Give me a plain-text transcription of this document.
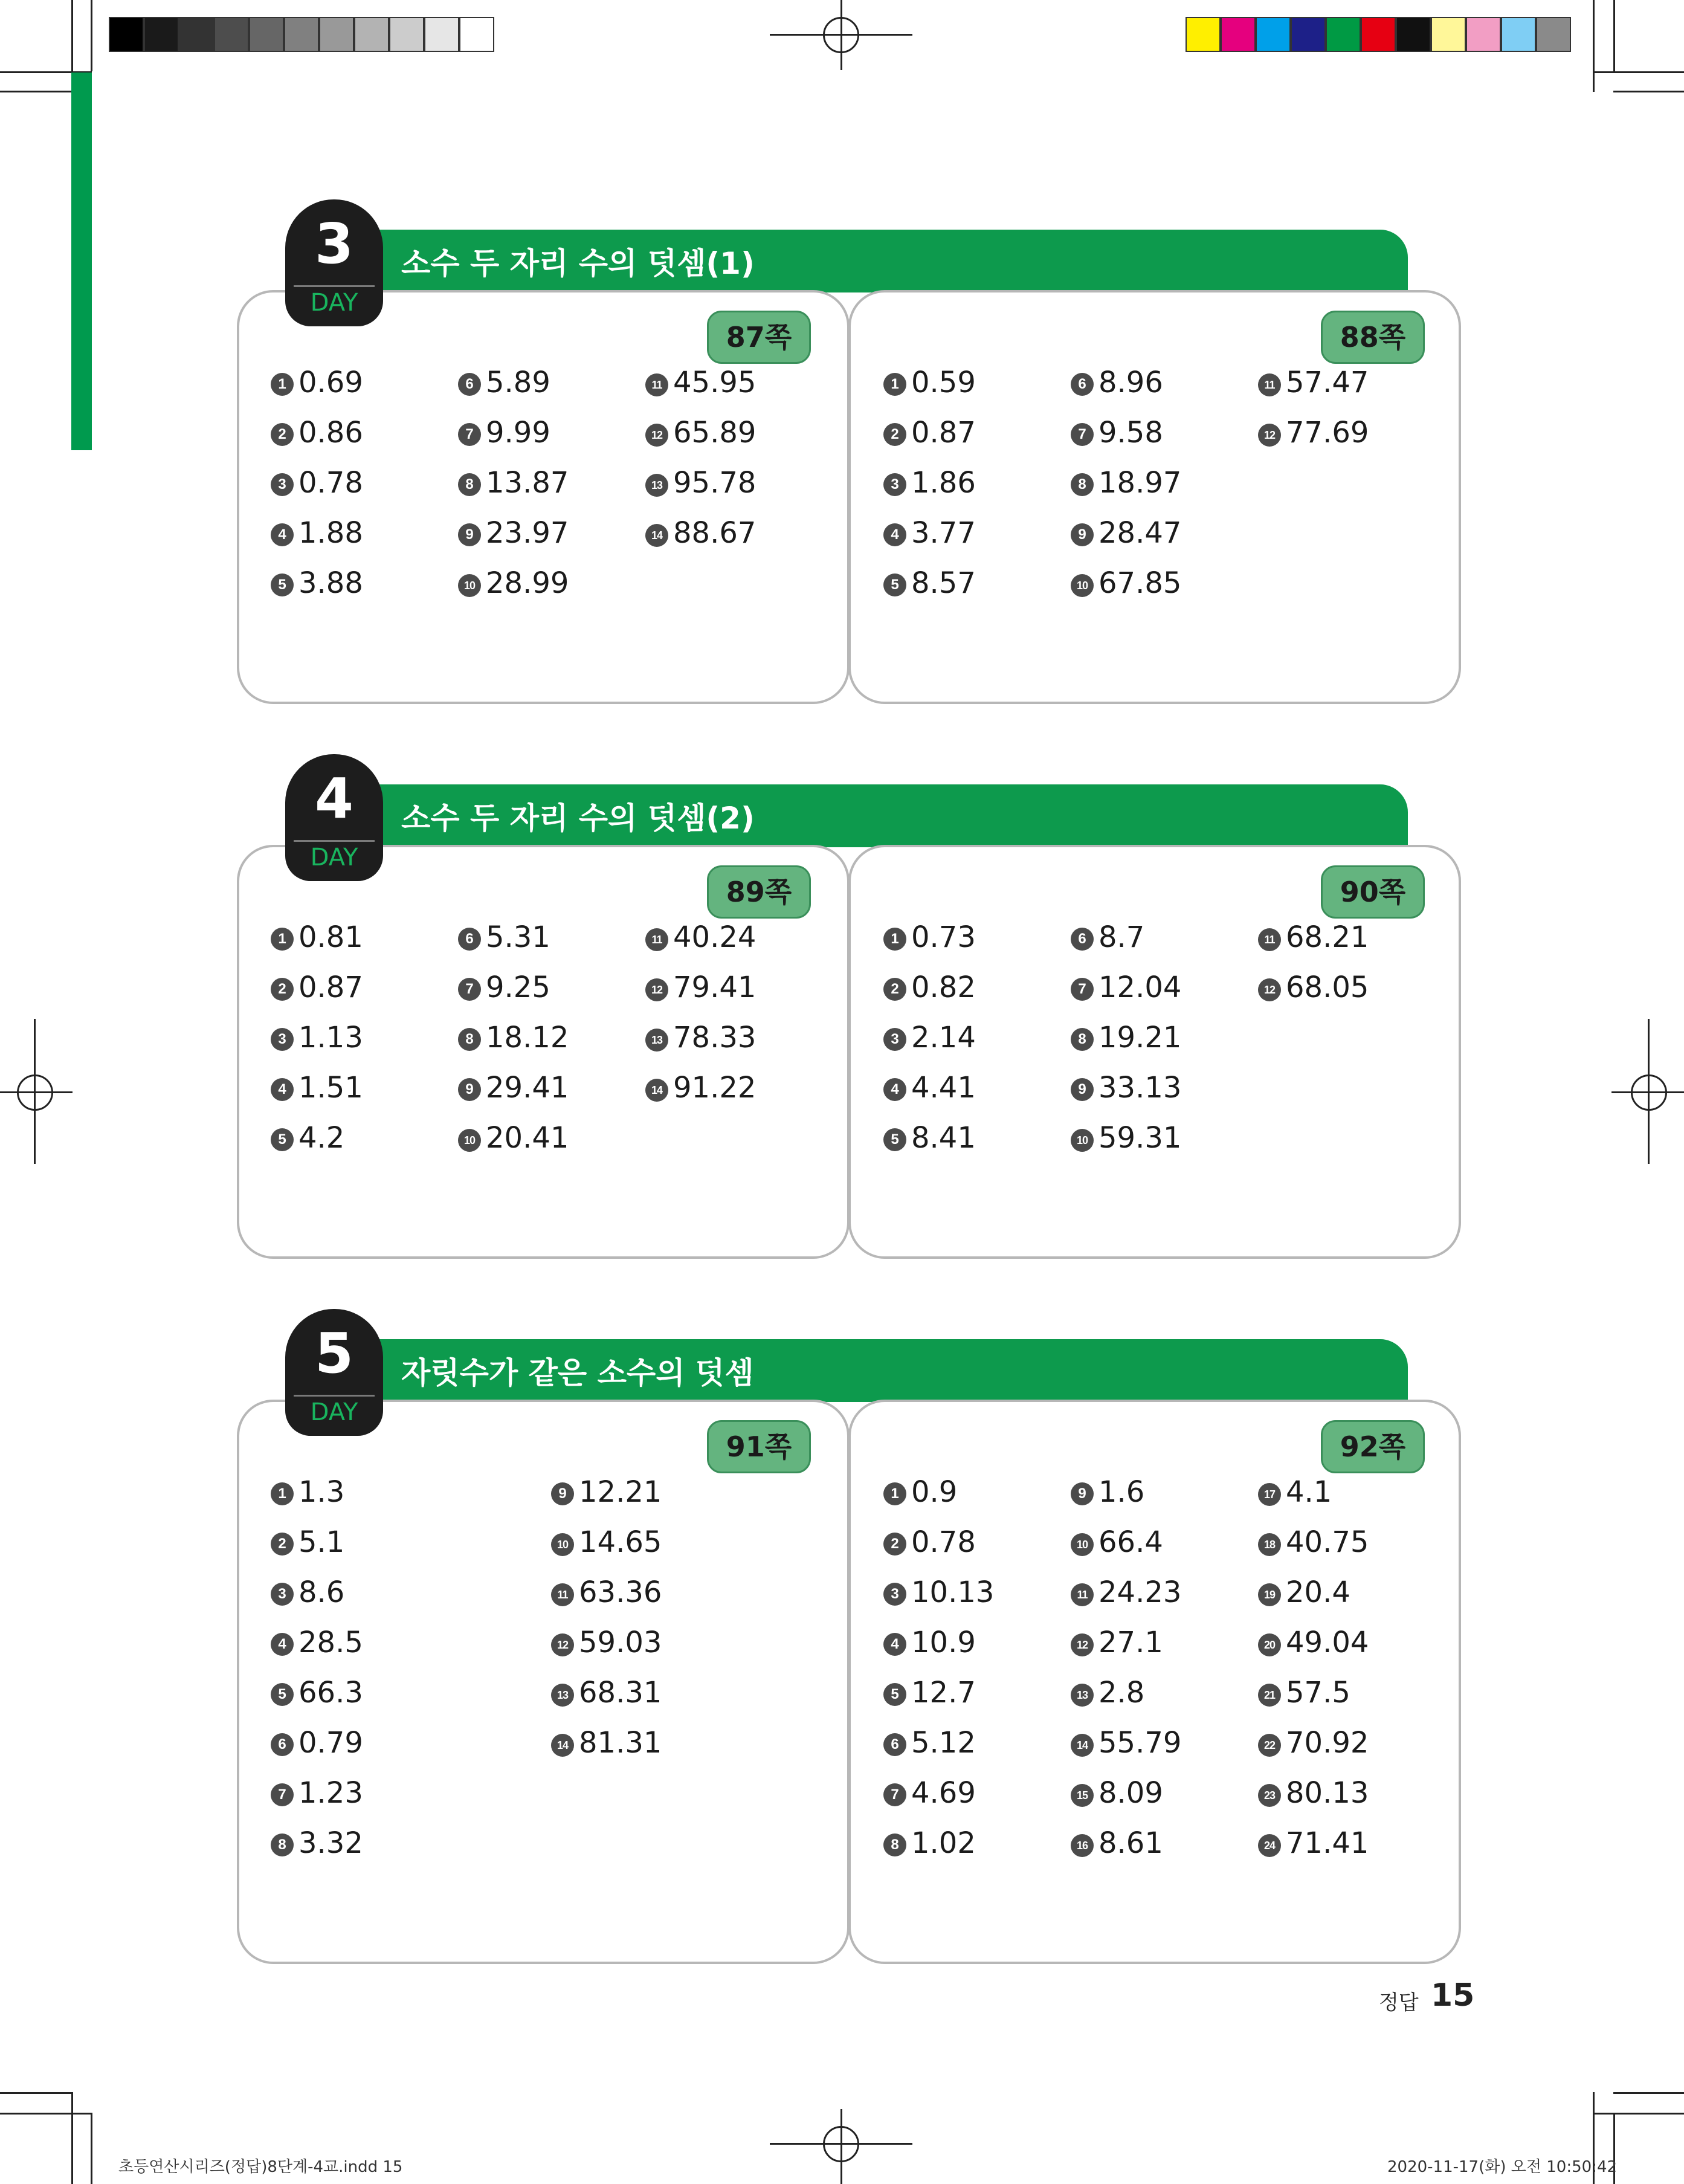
소수 두 자리 수의 덧셈(1)
3
DAY
87쪽	88쪽
1 0.69
2 0.86
3 0.78
4 1.88
5 3.88
6 5.89
7 9.99
8 13.87
9 23.97
10 28.99
11 45.95
12 65.89
13 95.78
14 88.67
1 0.59
2 0.87
3 1.86
4 3.77
5 8.57
6 8.96
7 9.58
8 18.97
9 28.47
10 67.85
11 57.47
12 77.69
소수 두 자리 수의 덧셈(2)
4
DAY
89쪽	90쪽
1 0.81
2 0.87
3 1.13
4 1.51
5 4.2
6 5.31
7 9.25
8 18.12
9 29.41
10 20.41
11 40.24
12 79.41
13 78.33
14 91.22
1 0.73
2 0.82
3 2.14
4 4.41
5 8.41
6 8.7
7 12.04
8 19.21
9 33.13
10 59.31
11 68.21
12 68.05
자릿수가 같은 소수의 덧셈
5
DAY
91쪽	92쪽
1 1.3
2 5.1
3 8.6
4 28.5
5 66.3
6 0.79
7 1.23
8 3.32
9 12.21
10 14.65
11 63.36
12 59.03
13 68.31
14 81.31
1 0.9
2 0.78
3 10.13
4 10.9
5 12.7
6 5.12
7 4.69
8 1.02
9 1.6
10 66.4
11 24.23
12 27.1
13 2.8
14 55.79
15 8.09
16 8.61
17 4.1
18 40.75
19 20.4
20 49.04
21 57.5
22 70.92
23 80.13
24 71.41
정답 15
초등연산시리즈(정답)8단계-4교.indd 15	2020-11-17(화) 오전 10:50:42
